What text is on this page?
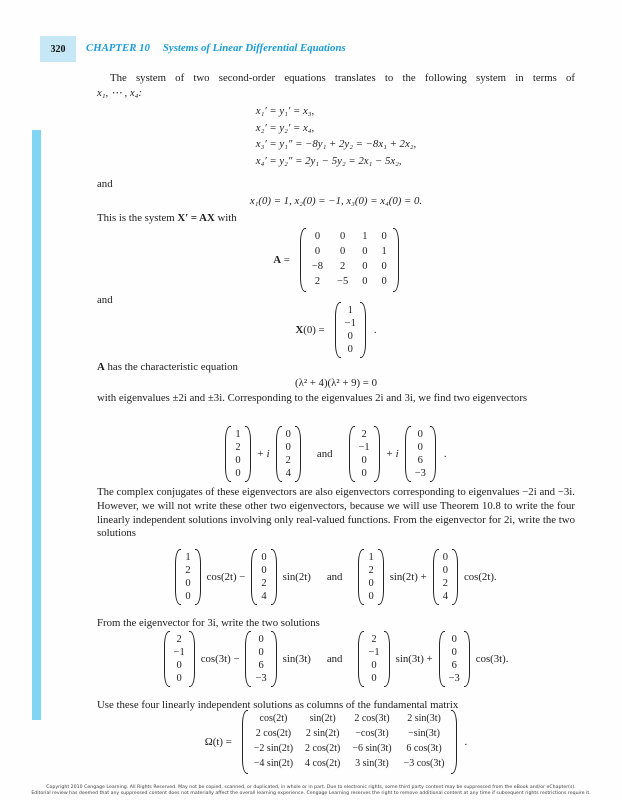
320 CHAPTER 10 Systems of Linear Differential Equations
The system of two second-order equations translates to the following system in terms of
x₁, ⋯ , x₄:
x₁′ = y₁′ = x₃,
x₂′ = y₂′ = x₄,
x₃′ = y₁″ = −8y₁ + 2y₂ = −8x₁ + 2x₂,
x₄′ = y₂″ = 2y₁ − 5y₂ = 2x₁ − 5x₂,
and
x₁(0) = 1, x₂(0) = −1, x₃(0) = x₄(0) = 0.
This is the system X′ = AX with
A =
0 0 1 0
0 0 0 1
−8 2 0 0
2 −5 0 0
and
X(0) =
1
−1
0
0
.
A has the characteristic equation
(λ² + 4)(λ² + 9) = 0
with eigenvalues ±2i and ±3i. Corresponding to the eigenvalues 2i and 3i, we find two eigenvectors
1
2
0
0
+ i
0
0
2
4
and
2
−1
0
0
+ i
0
0
6
−3
.
The complex conjugates of these eigenvectors are also eigenvectors corresponding to eigenvalues −2i and −3i. However, we will not write these other two eigenvectors, because we will use Theorem 10.8 to write the four linearly independent solutions involving only real-valued functions. From the eigenvector for 2i, write the two solutions
1
2
0
0
cos(2t) −
0
0
2
4
sin(2t) and
1
2
0
0
sin(2t) +
0
0
2
4
cos(2t).
From the eigenvector for 3i, write the two solutions
2
−1
0
0
cos(3t) −
0
0
6
−3
sin(3t) and
2
−1
0
0
sin(3t) +
0
0
6
−3
cos(3t).
Use these four linearly independent solutions as columns of the fundamental matrix
Ω(t) =
cos(2t) sin(2t) 2 cos(3t) 2 sin(3t)
2 cos(2t) 2 sin(2t) −cos(3t) −sin(3t)
−2 sin(2t) 2 cos(2t) −6 sin(3t) 6 cos(3t)
−4 sin(2t) 4 cos(2t) 3 sin(3t) −3 cos(3t)
.
Copyright 2010 Cengage Learning. All Rights Reserved. May not be copied, scanned, or duplicated, in whole or in part. Due to electronic rights, some third party content may be suppressed from the eBook and/or eChapter(s).
Editorial review has deemed that any suppressed content does not materially affect the overall learning experience. Cengage Learning reserves the right to remove additional content at any time if subsequent rights restrictions require it.
